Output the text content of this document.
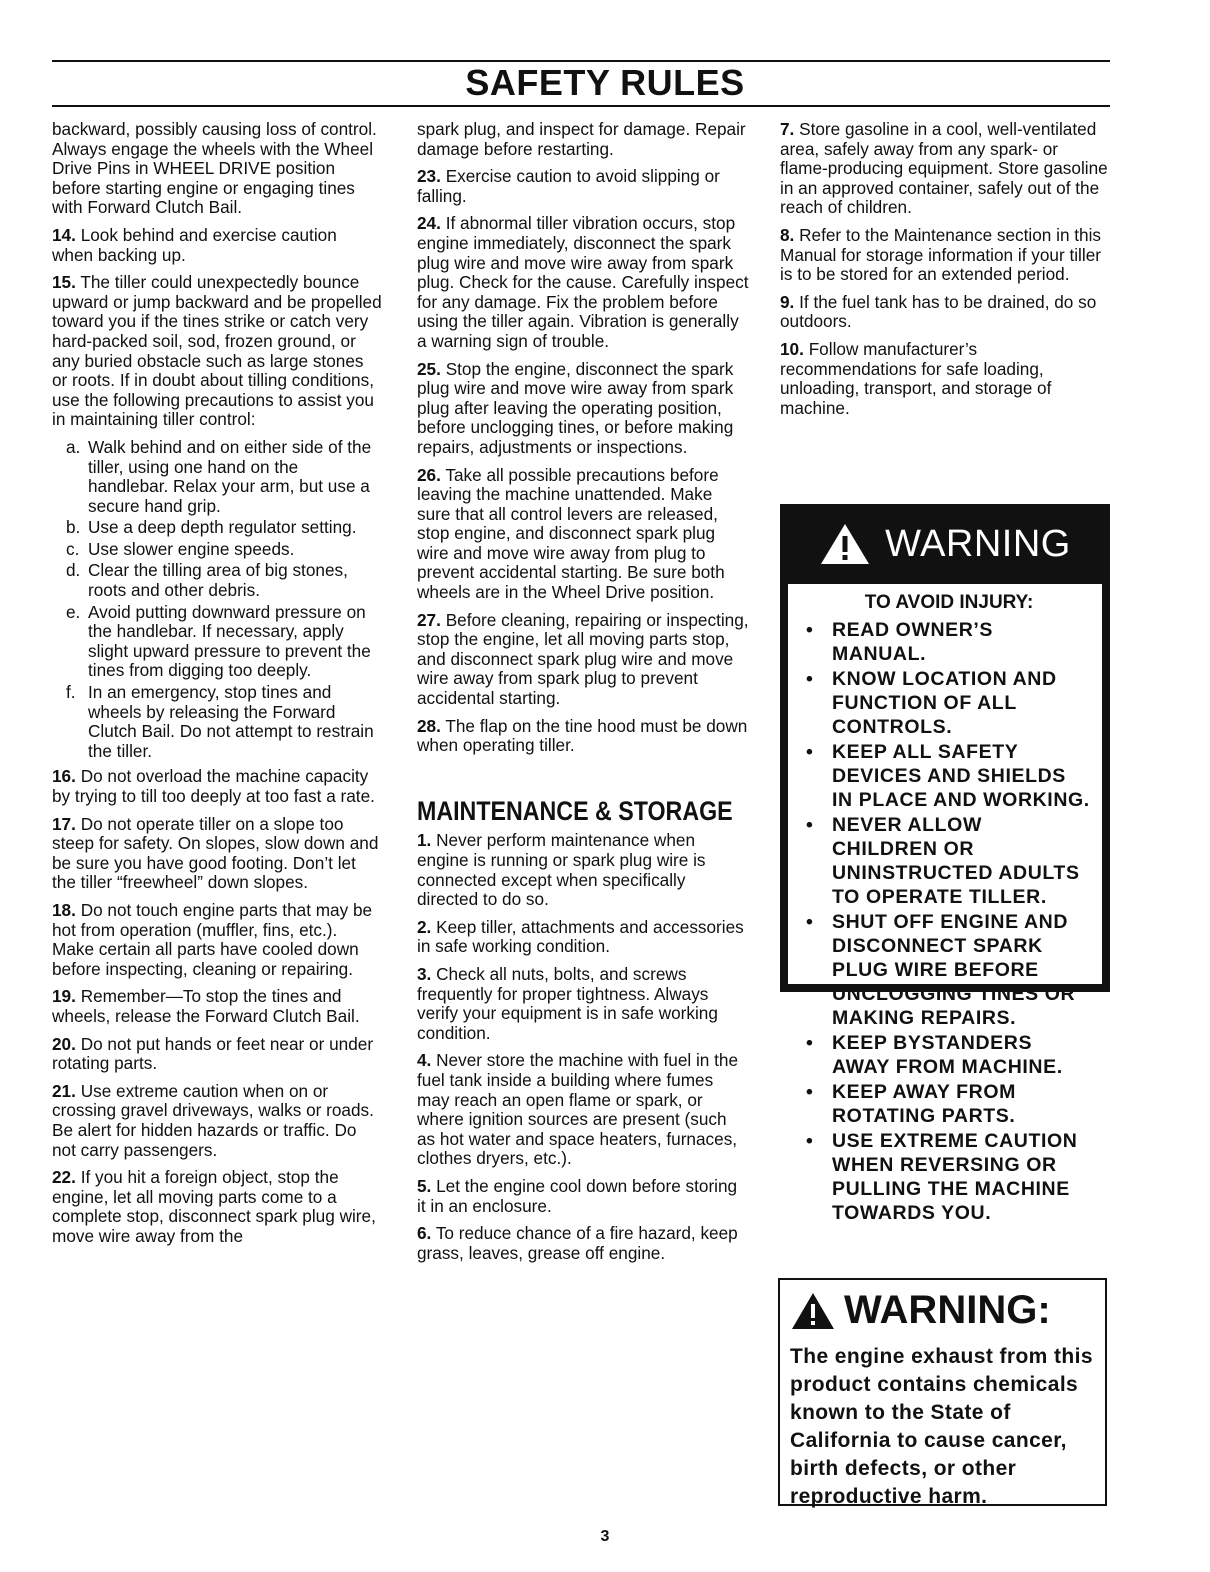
SAFETY RULES

backward, possibly causing loss of control. Always engage the wheels with the Wheel Drive Pins in WHEEL DRIVE position before starting engine or engaging tines with Forward Clutch Bail.

14. Look behind and exercise caution when backing up.

15. The tiller could unexpectedly bounce upward or jump backward and be propelled toward you if the tines strike or catch very hard-packed soil, sod, frozen ground, or any buried obstacle such as large stones or roots. If in doubt about tilling conditions, use the following precautions to assist you in maintaining tiller control:

a. Walk behind and on either side of the tiller, using one hand on the handlebar. Relax your arm, but use a secure hand grip.
b. Use a deep depth regulator setting.
c. Use slower engine speeds.
d. Clear the tilling area of big stones, roots and other debris.
e. Avoid putting downward pressure on the handlebar. If necessary, apply slight upward pressure to prevent the tines from digging too deeply.
f. In an emergency, stop tines and wheels by releasing the Forward Clutch Bail. Do not attempt to restrain the tiller.

16. Do not overload the machine capacity by trying to till too deeply at too fast a rate.

17. Do not operate tiller on a slope too steep for safety. On slopes, slow down and be sure you have good footing. Don’t let the tiller “freewheel” down slopes.

18. Do not touch engine parts that may be hot from operation (muffler, fins, etc.). Make certain all parts have cooled down before inspecting, cleaning or repairing.

19. Remember—To stop the tines and wheels, release the Forward Clutch Bail.

20. Do not put hands or feet near or under rotating parts.

21. Use extreme caution when on or crossing gravel driveways, walks or roads. Be alert for hidden hazards or traffic. Do not carry passengers.

22. If you hit a foreign object, stop the engine, let all moving parts come to a complete stop, disconnect spark plug wire, move wire away from the

spark plug, and inspect for damage. Repair damage before restarting.

23. Exercise caution to avoid slipping or falling.

24. If abnormal tiller vibration occurs, stop engine immediately, disconnect the spark plug wire and move wire away from spark plug. Check for the cause. Carefully inspect for any damage. Fix the problem before using the tiller again. Vibration is generally a warning sign of trouble.

25. Stop the engine, disconnect the spark plug wire and move wire away from spark plug after leaving the operating position, before unclogging tines, or before making repairs, adjustments or inspections.

26. Take all possible precautions before leaving the machine unattended. Make sure that all control levers are released, stop engine, and disconnect spark plug wire and move wire away from plug to prevent accidental starting. Be sure both wheels are in the Wheel Drive position.

27. Before cleaning, repairing or inspecting, stop the engine, let all moving parts stop, and disconnect spark plug wire and move wire away from spark plug to prevent accidental starting.

28. The flap on the tine hood must be down when operating tiller.

MAINTENANCE & STORAGE

1. Never perform maintenance when engine is running or spark plug wire is connected except when specifically directed to do so.

2. Keep tiller, attachments and accessories in safe working condition.

3. Check all nuts, bolts, and screws frequently for proper tightness. Always verify your equipment is in safe working condition.

4. Never store the machine with fuel in the fuel tank inside a building where fumes may reach an open flame or spark, or where ignition sources are present (such as hot water and space heaters, furnaces, clothes dryers, etc.).

5. Let the engine cool down before storing it in an enclosure.

6. To reduce chance of a fire hazard, keep grass, leaves, grease off engine.

7. Store gasoline in a cool, well-ventilated area, safely away from any spark- or flame-producing equipment. Store gasoline in an approved container, safely out of the reach of children.

8. Refer to the Maintenance section in this Manual for storage information if your tiller is to be stored for an extended period.

9. If the fuel tank has to be drained, do so outdoors.

10. Follow manufacturer’s recommendations for safe loading, unloading, transport, and storage of machine.

WARNING
TO AVOID INJURY:
• READ OWNER’S MANUAL.
• KNOW LOCATION AND FUNCTION OF ALL CONTROLS.
• KEEP ALL SAFETY DEVICES AND SHIELDS IN PLACE AND WORKING.
• NEVER ALLOW CHILDREN OR UNINSTRUCTED ADULTS TO OPERATE TILLER.
• SHUT OFF ENGINE AND DISCONNECT SPARK PLUG WIRE BEFORE UNCLOGGING TINES OR MAKING REPAIRS.
• KEEP BYSTANDERS AWAY FROM MACHINE.
• KEEP AWAY FROM ROTATING PARTS.
• USE EXTREME CAUTION WHEN REVERSING OR PULLING THE MACHINE TOWARDS YOU.
WARNING:
The engine exhaust from this product contains chemicals known to the State of California to cause cancer, birth defects, or other reproductive harm.
3
